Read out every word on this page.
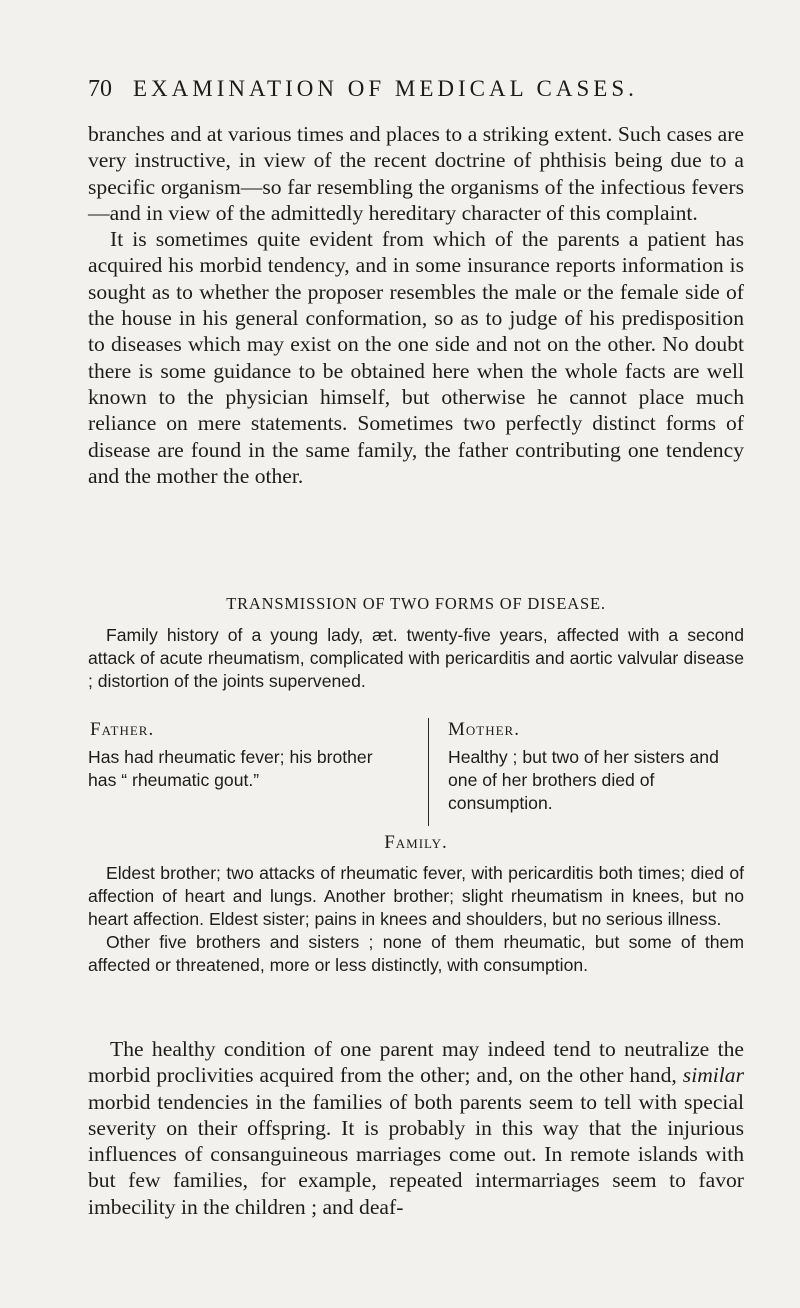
70 EXAMINATION OF MEDICAL CASES.

branches and at various times and places to a striking extent. Such cases are very instructive, in view of the recent doctrine of phthisis being due to a specific organism—so far resembling the organisms of the infectious fevers—and in view of the admittedly hereditary character of this complaint.

It is sometimes quite evident from which of the parents a patient has acquired his morbid tendency, and in some insurance reports information is sought as to whether the proposer resembles the male or the female side of the house in his general conformation, so as to judge of his predisposition to diseases which may exist on the one side and not on the other. No doubt there is some guidance to be obtained here when the whole facts are well known to the physician himself, but otherwise he cannot place much reliance on mere statements. Sometimes two perfectly distinct forms of disease are found in the same family, the father contributing one tendency and the mother the other.

TRANSMISSION OF TWO FORMS OF DISEASE.

Family history of a young lady, æt. twenty-five years, affected with a second attack of acute rheumatism, complicated with pericarditis and aortic valvular disease ; distortion of the joints supervened.

Father.
Has had rheumatic fever; his brother has “ rheumatic gout.”
Mother.
Healthy ; but two of her sisters and one of her brothers died of consumption.
Family.

Eldest brother; two attacks of rheumatic fever, with pericarditis both times; died of affection of heart and lungs. Another brother; slight rheumatism in knees, but no heart affection. Eldest sister; pains in knees and shoulders, but no serious illness.

Other five brothers and sisters ; none of them rheumatic, but some of them affected or threatened, more or less distinctly, with consumption.

The healthy condition of one parent may indeed tend to neutralize the morbid proclivities acquired from the other; and, on the other hand, similar morbid tendencies in the families of both parents seem to tell with special severity on their offspring. It is probably in this way that the injurious influences of consanguineous marriages come out. In remote islands with but few families, for example, repeated intermarriages seem to favor imbecility in the children ; and deaf-
